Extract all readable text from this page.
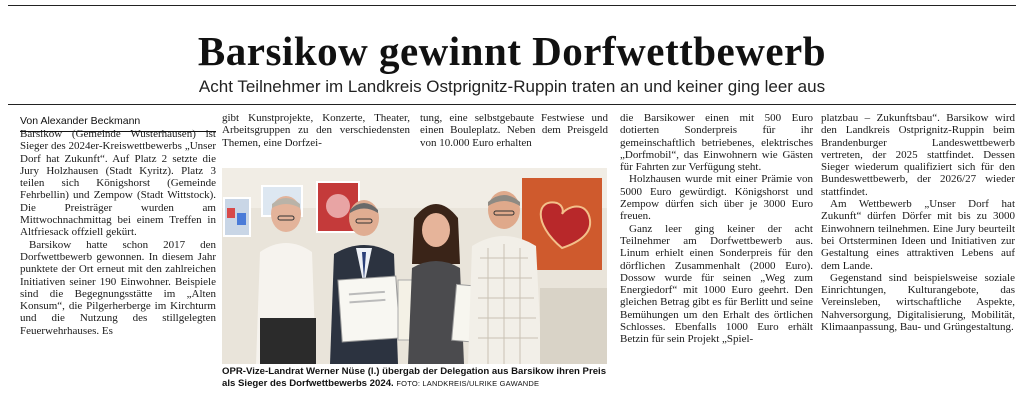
Barsikow gewinnt Dorfwettbewerb
Acht Teilnehmer im Landkreis Ostprignitz-Ruppin traten an und keiner ging leer aus
Von Alexander Beckmann

Barsikow (Gemeinde Wusterhausen) ist Sieger des 2024er-Kreiswettbewerbs „Unser Dorf hat Zukunft“. Auf Platz 2 setzte die Jury Holzhausen (Stadt Kyritz). Platz 3 teilen sich Königshorst (Gemeinde Fehrbellin) und Zempow (Stadt Wittstock). Die Preisträger wurden am Mittwochnachmittag bei einem Treffen in Altfriesack offziell gekürt.

Barsikow hatte schon 2017 den Dorfwettbewerb gewonnen. In diesem Jahr punktete der Ort erneut mit den zahlreichen Initiativen seiner 190 Einwohner. Beispiele sind die Begegnungsstätte im „Alten Konsum“, die Pilgerherberge im Kirchturm und die Nutzung des stillgelegten Feuerwehrhauses. Es

gibt Kunstprojekte, Konzerte, Theater, Arbeitsgruppen zu den verschiedensten Themen, eine Dorfzei-

tung, eine selbstgebaute Festwiese und einen Bouleplatz. Neben dem Preisgeld von 10.000 Euro erhalten

OPR-Vize-Landrat Werner Nüse (l.) übergab der Delegation aus Barsikow ihren Preis als Sieger des Dorfwettbewerbs 2024. FOTO: LANDKREIS/ULRIKE GAWANDE

die Barsikower einen mit 500 Euro dotierten Sonderpreis für ihr gemeinschaftlich betriebenes, elektrisches „Dorfmobil“, das Einwohnern wie Gästen für Fahrten zur Verfügung steht.

Holzhausen wurde mit einer Prämie von 5000 Euro gewürdigt. Königshorst und Zempow dürfen sich über je 3000 Euro freuen.

Ganz leer ging keiner der acht Teilnehmer am Dorfwettbewerb aus. Linum erhielt einen Sonderpreis für den dörflichen Zusammenhalt (2000 Euro). Dossow wurde für seinen „Weg zum Energiedorf“ mit 1000 Euro geehrt. Den gleichen Betrag gibt es für Berlitt und seine Bemühungen um den Erhalt des örtlichen Schlosses. Ebenfalls 1000 Euro erhält Betzin für sein Projekt „Spiel-

platzbau – Zukunftsbau“. Barsikow wird den Landkreis Ostprignitz-Ruppin beim Brandenburger Landeswettbewerb vertreten, der 2025 stattfindet. Dessen Sieger wiederum qualifiziert sich für den Bundeswettbewerb, der 2026/27 wieder stattfindet.

Am Wettbewerb „Unser Dorf hat Zukunft“ dürfen Dörfer mit bis zu 3000 Einwohnern teilnehmen. Eine Jury beurteilt bei Ortsterminen Ideen und Initiativen zur Gestaltung eines attraktiven Lebens auf dem Lande.

Gegenstand sind beispielsweise soziale Einrichtungen, Kulturangebote, das Vereinsleben, wirtschaftliche Aspekte, Nahversorgung, Digitalisierung, Mobilität, Klimaanpassung, Bau- und Grüngestaltung.
